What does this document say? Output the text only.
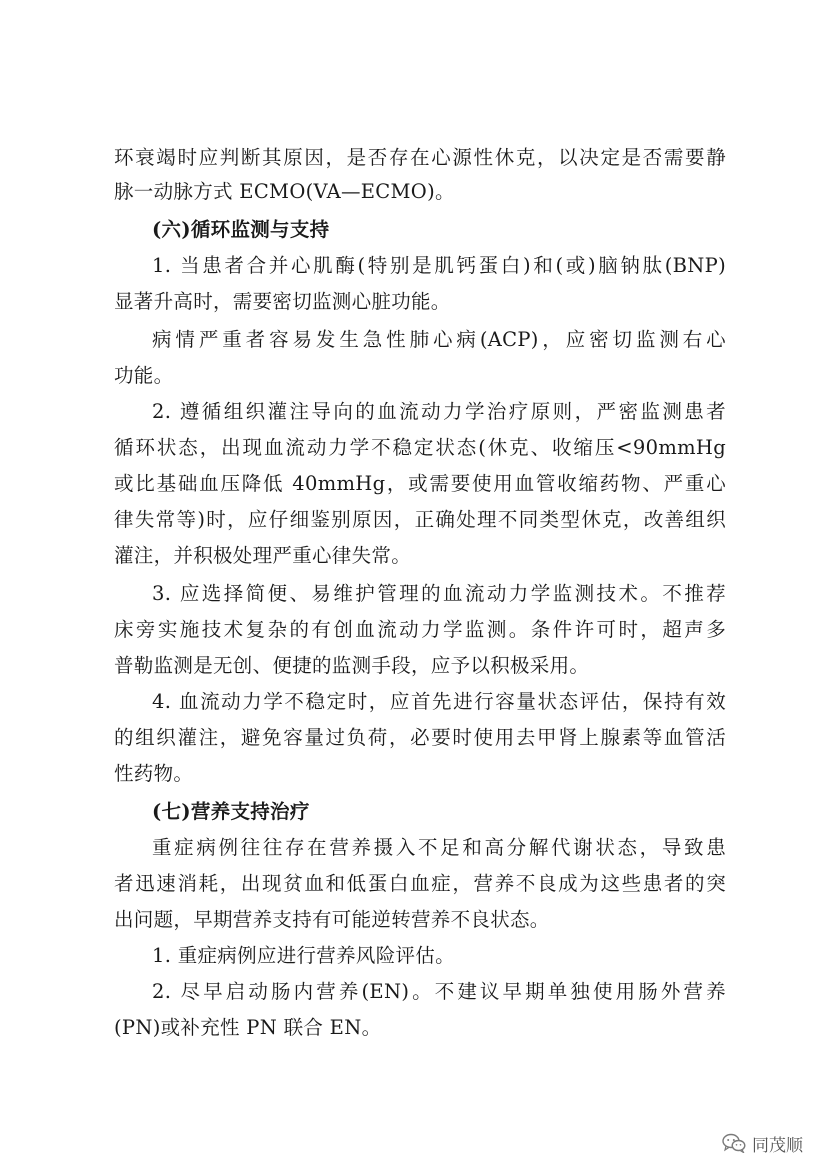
环衰竭时应判断其原因，是否存在心源性休克，以决定是否需要静
脉一动脉方式 ECMO(VA—ECMO)。
(六)循环监测与支持
1. 当患者合并心肌酶(特别是肌钙蛋白)和(或)脑钠肽(BNP)
显著升高时，需要密切监测心脏功能。
病情严重者容易发生急性肺心病(ACP)，应密切监测右心
功能。
2. 遵循组织灌注导向的血流动力学治疗原则，严密监测患者
循环状态，出现血流动力学不稳定状态(休克、收缩压<90mmHg
或比基础血压降低 40mmHg，或需要使用血管收缩药物、严重心
律失常等)时，应仔细鉴别原因，正确处理不同类型休克，改善组织
灌注，并积极处理严重心律失常。
3. 应选择简便、易维护管理的血流动力学监测技术。不推荐
床旁实施技术复杂的有创血流动力学监测。条件许可时，超声多
普勒监测是无创、便捷的监测手段，应予以积极采用。
4. 血流动力学不稳定时，应首先进行容量状态评估，保持有效
的组织灌注，避免容量过负荷，必要时使用去甲肾上腺素等血管活
性药物。
(七)营养支持治疗
重症病例往往存在营养摄入不足和高分解代谢状态，导致患
者迅速消耗，出现贫血和低蛋白血症，营养不良成为这些患者的突
出问题，早期营养支持有可能逆转营养不良状态。
1. 重症病例应进行营养风险评估。
2. 尽早启动肠内营养(EN)。不建议早期单独使用肠外营养
(PN)或补充性 PN 联合 EN。
同茂顺
